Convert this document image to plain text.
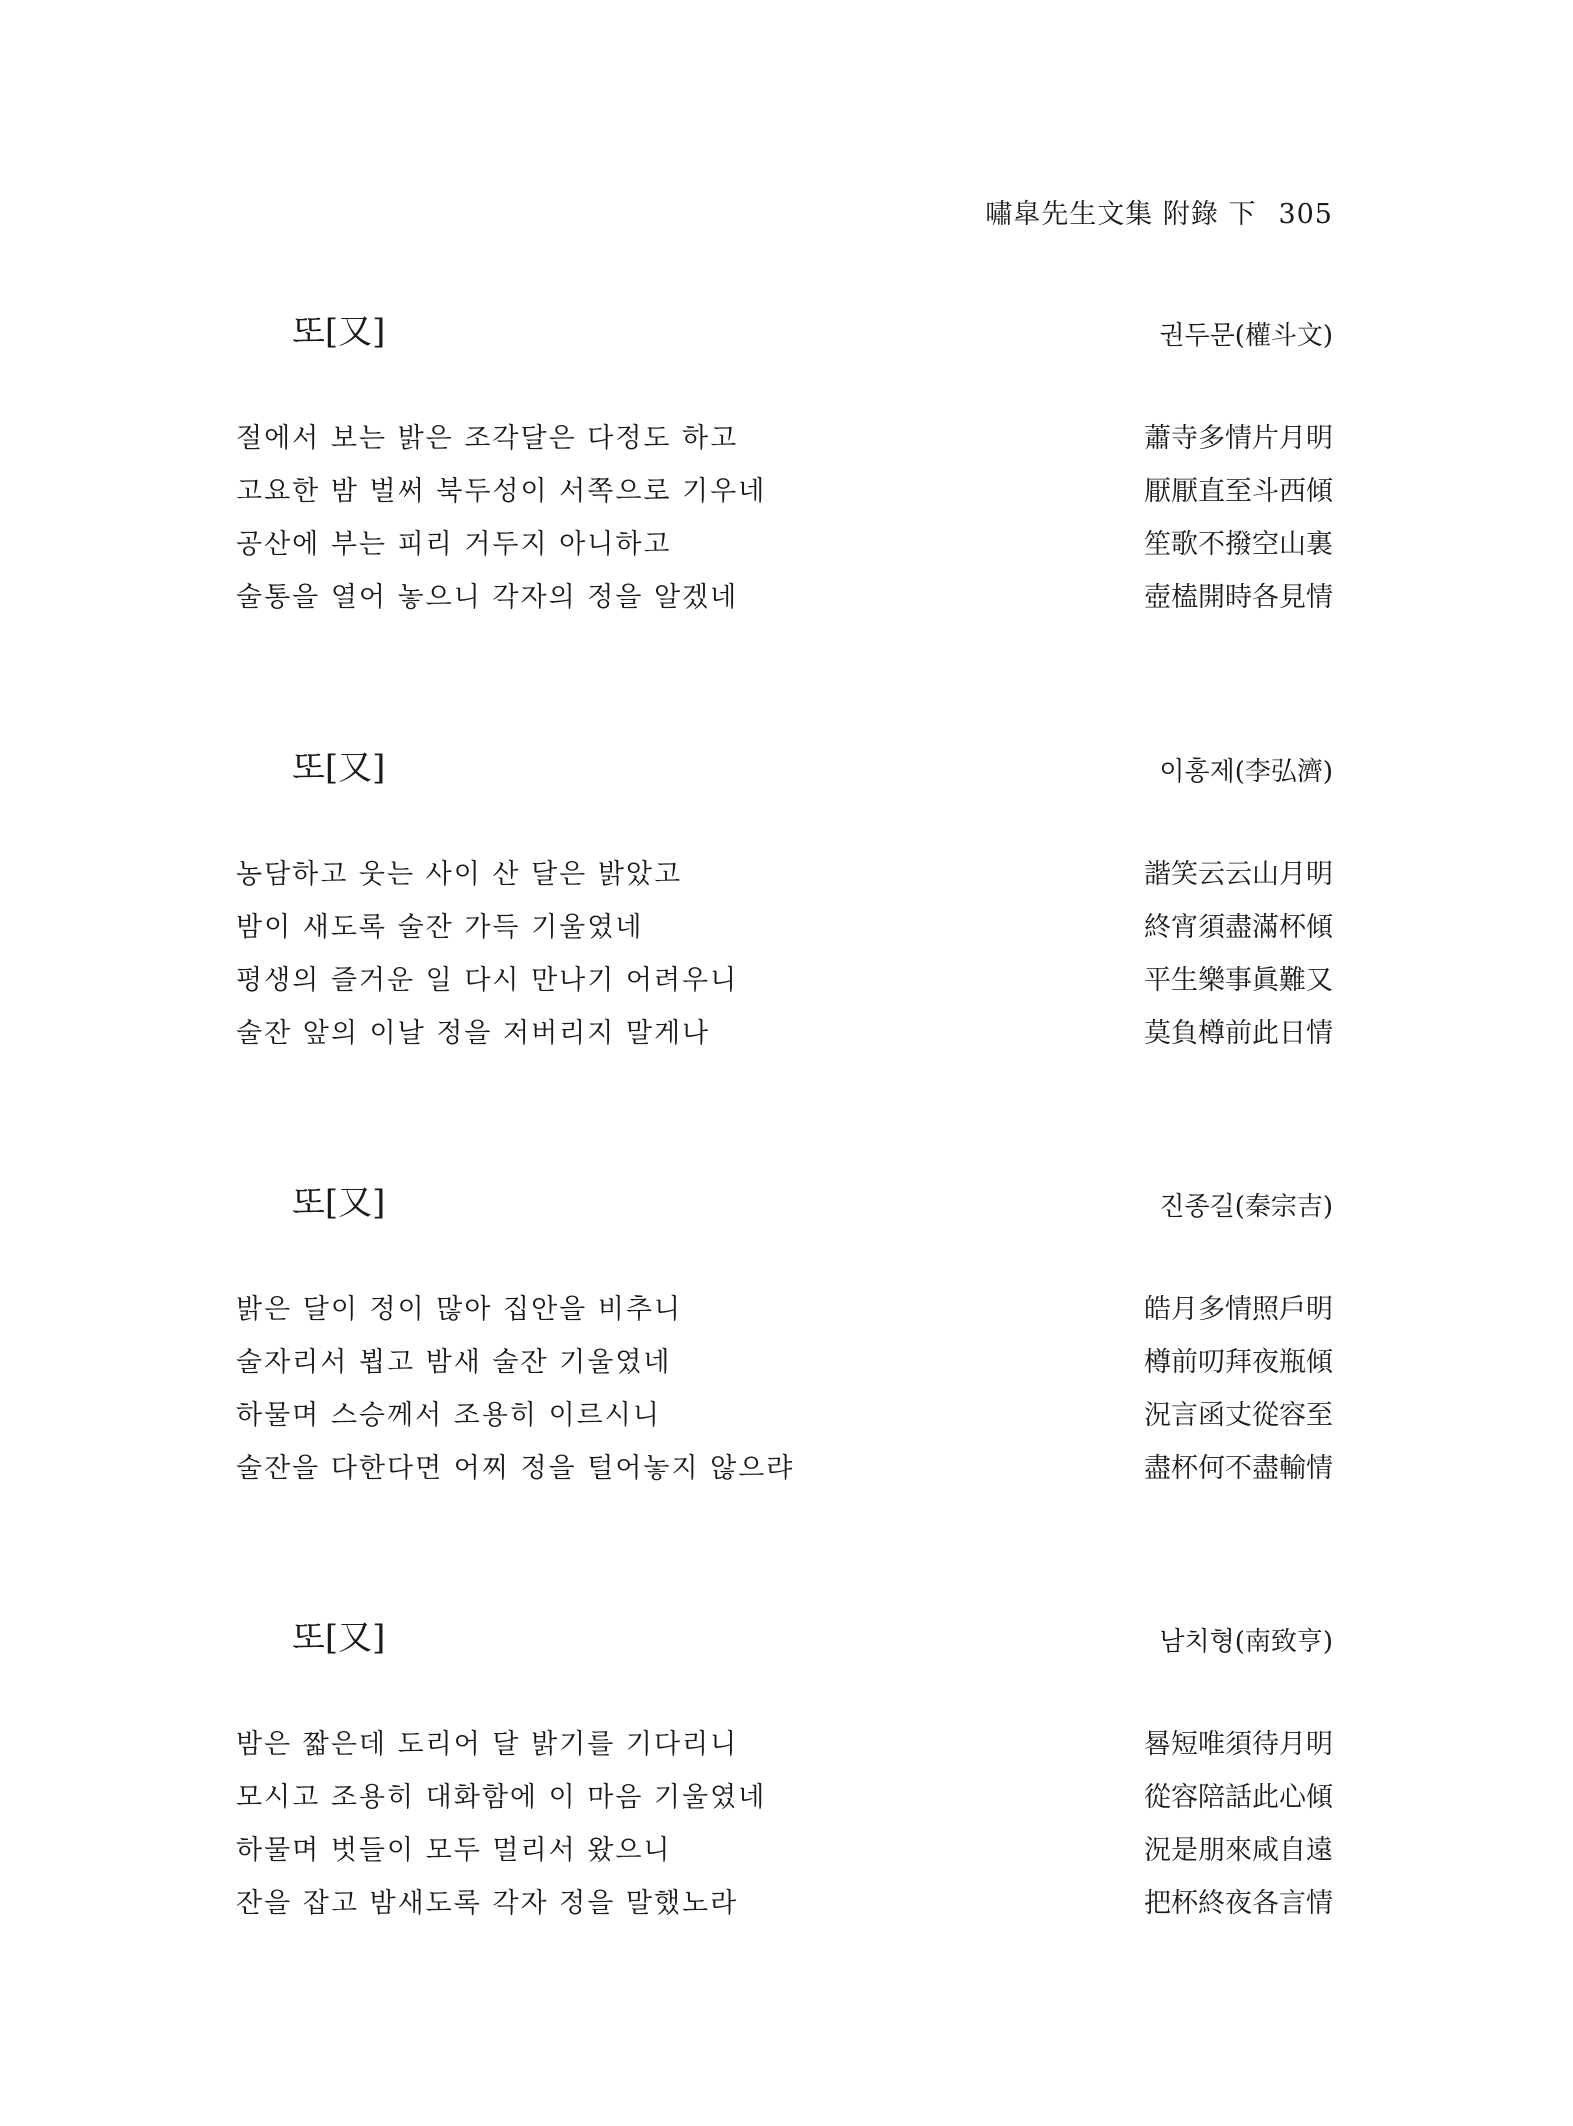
嘯皐先生文集 附錄 下 305
또[又]	권두문(權斗文)
절에서 보는 밝은 조각달은 다정도 하고	蕭寺多情片月明
고요한 밤 벌써 북두성이 서쪽으로 기우네	厭厭直至斗西傾
공산에 부는 피리 거두지 아니하고	笙歌不撥空山裏
술통을 열어 놓으니 각자의 정을 알겠네	壺榼開時各見情
또[又]	이홍제(李弘濟)
농담하고 웃는 사이 산 달은 밝았고	諧笑云云山月明
밤이 새도록 술잔 가득 기울였네	終宵須盡滿杯傾
평생의 즐거운 일 다시 만나기 어려우니	平生樂事眞難又
술잔 앞의 이날 정을 저버리지 말게나	莫負樽前此日情
또[又]	진종길(秦宗吉)
밝은 달이 정이 많아 집안을 비추니	皓月多情照戶明
술자리서 뵙고 밤새 술잔 기울였네	樽前叨拜夜瓶傾
하물며 스승께서 조용히 이르시니	況言函丈從容至
술잔을 다한다면 어찌 정을 털어놓지 않으랴	盡杯何不盡輸情
또[又]	남치형(南致亨)
밤은 짧은데 도리어 달 밝기를 기다리니	晷短唯須待月明
모시고 조용히 대화함에 이 마음 기울였네	從容陪話此心傾
하물며 벗들이 모두 멀리서 왔으니	況是朋來咸自遠
잔을 잡고 밤새도록 각자 정을 말했노라	把杯終夜各言情
